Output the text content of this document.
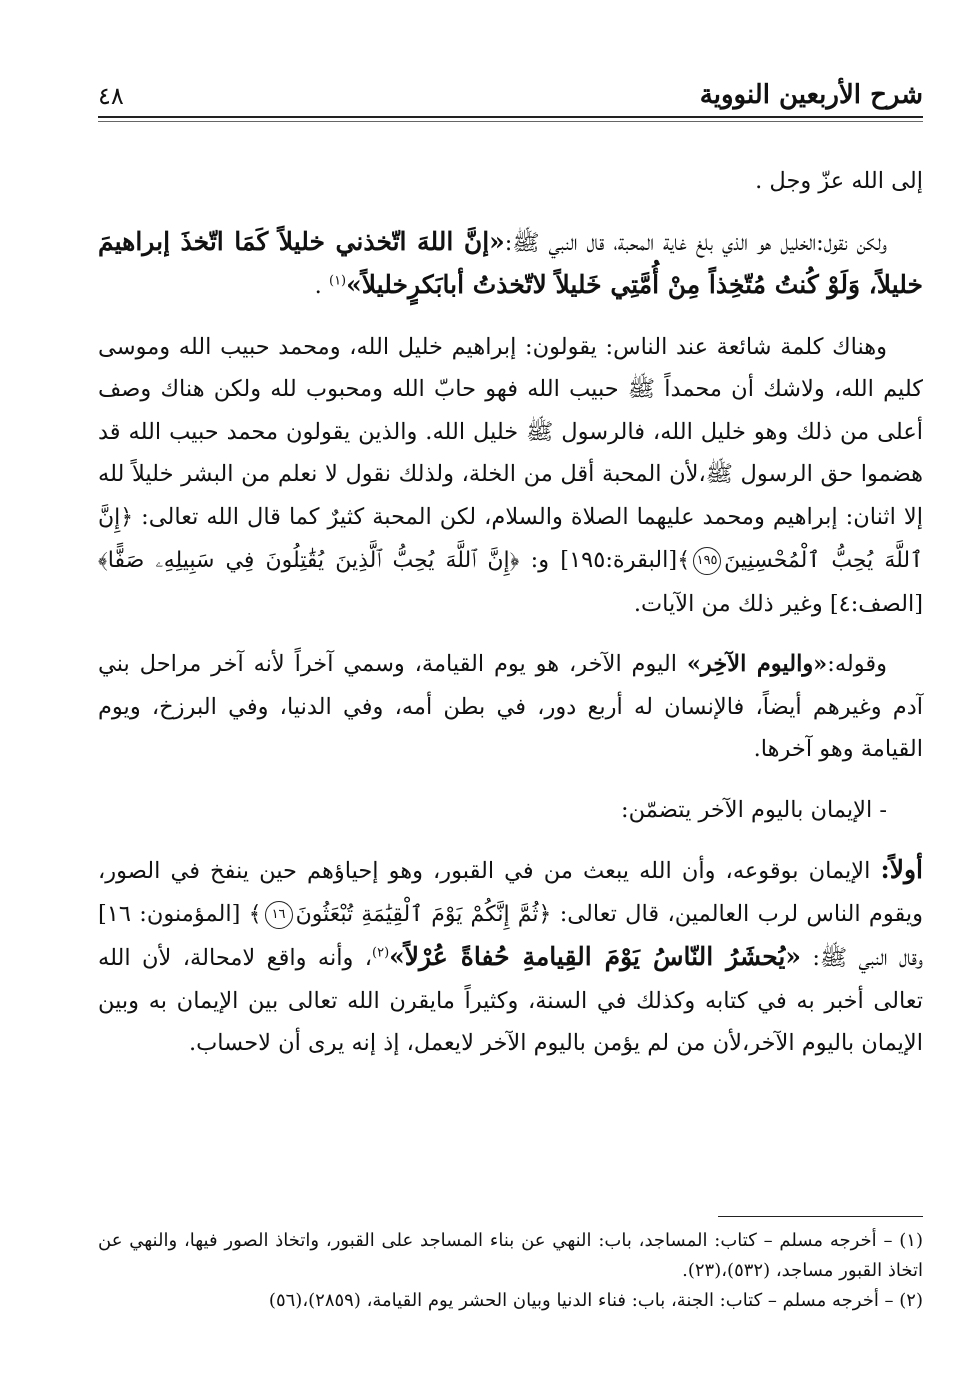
شرح الأربعين النووية
٤٨

إلى الله عزّ وجل .

ولكن نقول:الخليل هو الذي بلغ غاية المحبة، قال النبي ﷺ:«إنَّ اللهَ اتّخذني خليلاً كَمَا اتّخذَ إبراهيمَ خليلاً، وَلَوْ كُنتُ مُتّخِذاً مِنْ أُمَّتِي خَليلاً لاتّخذتُ أبابَكرٍخليلاً»$^{(١)}$ .

وهناك كلمة شائعة عند الناس: يقولون: إبراهيم خليل الله، ومحمد حبيب الله وموسى كليم الله، ولاشك أن محمداً ﷺ حبيب الله فهو حابّ الله ومحبوب لله ولكن هناك وصف أعلى من ذلك وهو خليل الله، فالرسول ﷺ خليل الله. والذين يقولون محمد حبيب الله قد هضموا حق الرسول ﷺ،لأن المحبة أقل من الخلة، ولذلك نقول لا نعلم من البشر خليلاً لله إلا اثنان: إبراهيم ومحمد عليهما الصلاة والسلام، لكن المحبة كثيرٌ كما قال الله تعالى: ﴿إِنَّ ٱللَّهَ يُحِبُّ ٱلْمُحْسِنِينَ١٩٥﴾[البقرة:١٩٥] و: ﴿إِنَّ ٱللَّهَ يُحِبُّ ٱلَّذِينَ يُقَٰتِلُونَ فِي سَبِيلِهِۦ صَفًّا﴾[الصف:٤] وغير ذلك من الآيات.

وقوله:«واليوم الآخِر» اليوم الآخر، هو يوم القيامة، وسمي آخراً لأنه آخر مراحل بني آدم وغيرهم أيضاً، فالإنسان له أربع دور، في بطن أمه، وفي الدنيا، وفي البرزخ، ويوم القيامة وهو آخرها.

- الإيمان باليوم الآخر يتضمّن:

أولاً: الإيمان بوقوعه، وأن الله يبعث من في القبور، وهو إحياؤهم حين ينفخ في الصور، ويقوم الناس لرب العالمين، قال تعالى: ﴿ثُمَّ إِنَّكُمْ يَوْمَ ٱلْقِيَٰمَةِ تُبْعَثُونَ١٦﴾ [المؤمنون: ١٦] وقال النبي ﷺ: «يُحشَرُ النّاسُ يَوْمَ القِيامةِ حُفاةً عُرْلاً»$^{(٢)}$، وأنه واقع لامحالة، لأن الله تعالى أخبر به في كتابه وكذلك في السنة، وكثيراً مايقرن الله تعالى بين الإيمان به وبين الإيمان باليوم الآخر،لأن من لم يؤمن باليوم الآخر لايعمل، إذ إنه يرى أن لاحساب.

(١) – أخرجه مسلم – كتاب: المساجد، باب: النهي عن بناء المساجد على القبور، واتخاذ الصور فيها، والنهي عن اتخاذ القبور مساجد، (٥٣٢)،(٢٣).

(٢) – أخرجه مسلم – كتاب: الجنة، باب: فناء الدنيا وبيان الحشر يوم القيامة، (٢٨٥٩)،(٥٦)
